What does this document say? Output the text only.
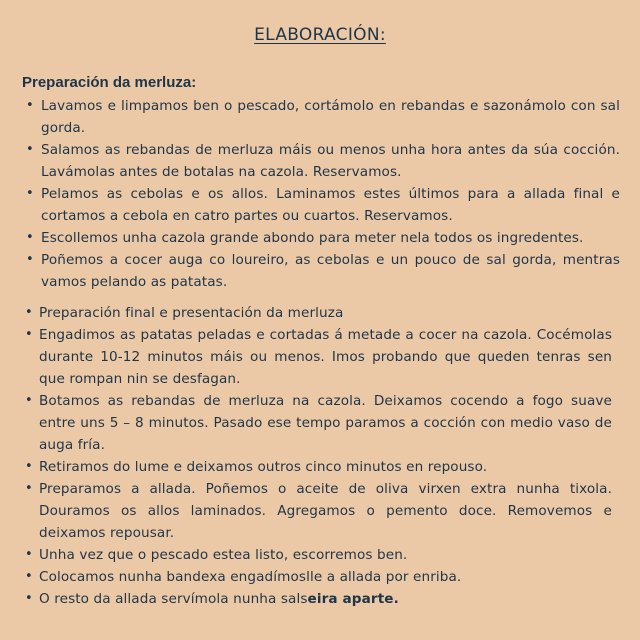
ELABORACIÓN:
Preparación da merluza:
• Lavamos e limpamos ben o pescado, cortámolo en rebandas e sazonámolo con sal gorda.
• Salamos as rebandas de merluza máis ou menos unha hora antes da súa cocción. Lavámolas antes de botalas na cazola. Reservamos.
• Pelamos as cebolas e os allos. Laminamos estes últimos para a allada final e cortamos a cebola en catro partes ou cuartos. Reservamos.
• Escollemos unha cazola grande abondo para meter nela todos os ingredentes.
• Poñemos a cocer auga co loureiro, as cebolas e un pouco de sal gorda, mentras vamos pelando as patatas.
• Preparación final e presentación da merluza
• Engadimos as patatas peladas e cortadas á metade a cocer na cazola. Cocémolas durante 10-12 minutos máis ou menos. Imos probando que queden tenras sen que rompan nin se desfagan.
• Botamos as rebandas de merluza na cazola. Deixamos cocendo a fogo suave entre uns 5 – 8 minutos. Pasado ese tempo paramos a cocción con medio vaso de auga fría.
• Retiramos do lume e deixamos outros cinco minutos en repouso.
• Preparamos a allada. Poñemos o aceite de oliva virxen extra nunha tixola. Douramos os allos laminados. Agregamos o pemento doce. Removemos e deixamos repousar.
• Unha vez que o pescado estea listo, escorremos ben.
• Colocamos nunha bandexa engadímoslle a allada por enriba.
• O resto da allada servímola nunha salseira aparte.
